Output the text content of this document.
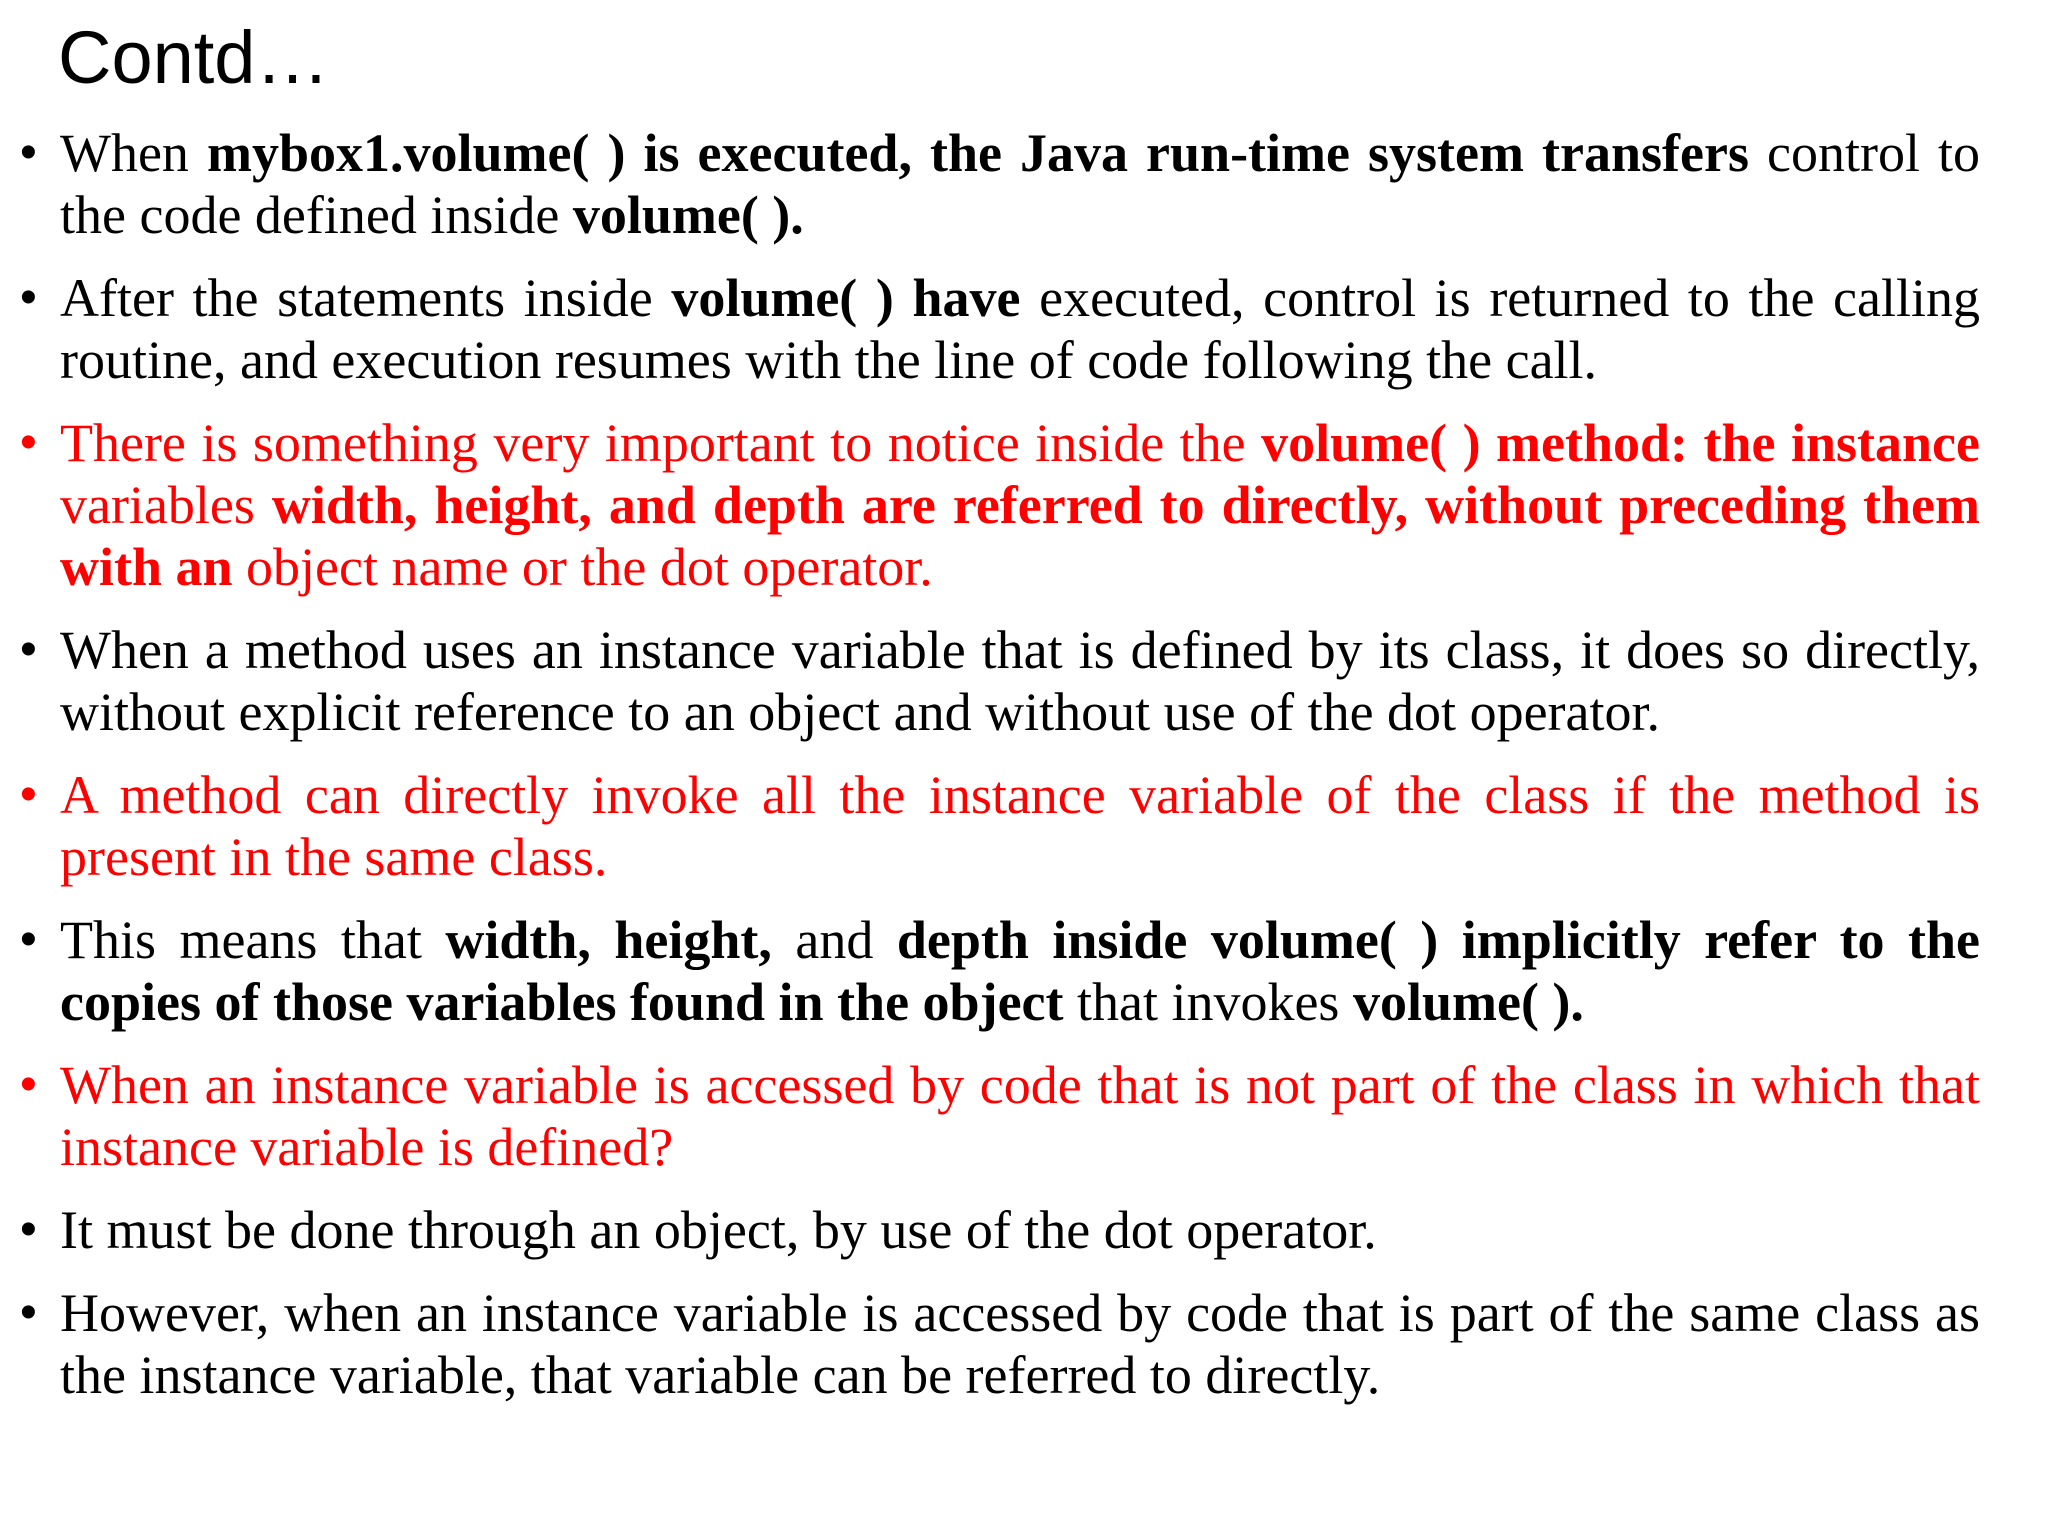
Contd…
• When mybox1.volume( ) is executed, the Java run-time system transfers control to the code defined inside volume( ).
• After the statements inside volume( ) have executed, control is returned to the calling routine, and execution resumes with the line of code following the call.
• There is something very important to notice inside the volume( ) method: the instance variables width, height, and depth are referred to directly, without preceding them with an object name or the dot operator.
• When a method uses an instance variable that is defined by its class, it does so directly, without explicit reference to an object and without use of the dot operator.
• A method can directly invoke all the instance variable of the class if the method is present in the same class.
• This means that width, height, and depth inside volume( ) implicitly refer to the copies of those variables found in the object that invokes volume( ).
• When an instance variable is accessed by code that is not part of the class in which that instance variable is defined?
• It must be done through an object, by use of the dot operator.
• However, when an instance variable is accessed by code that is part of the same class as the instance variable, that variable can be referred to directly.
